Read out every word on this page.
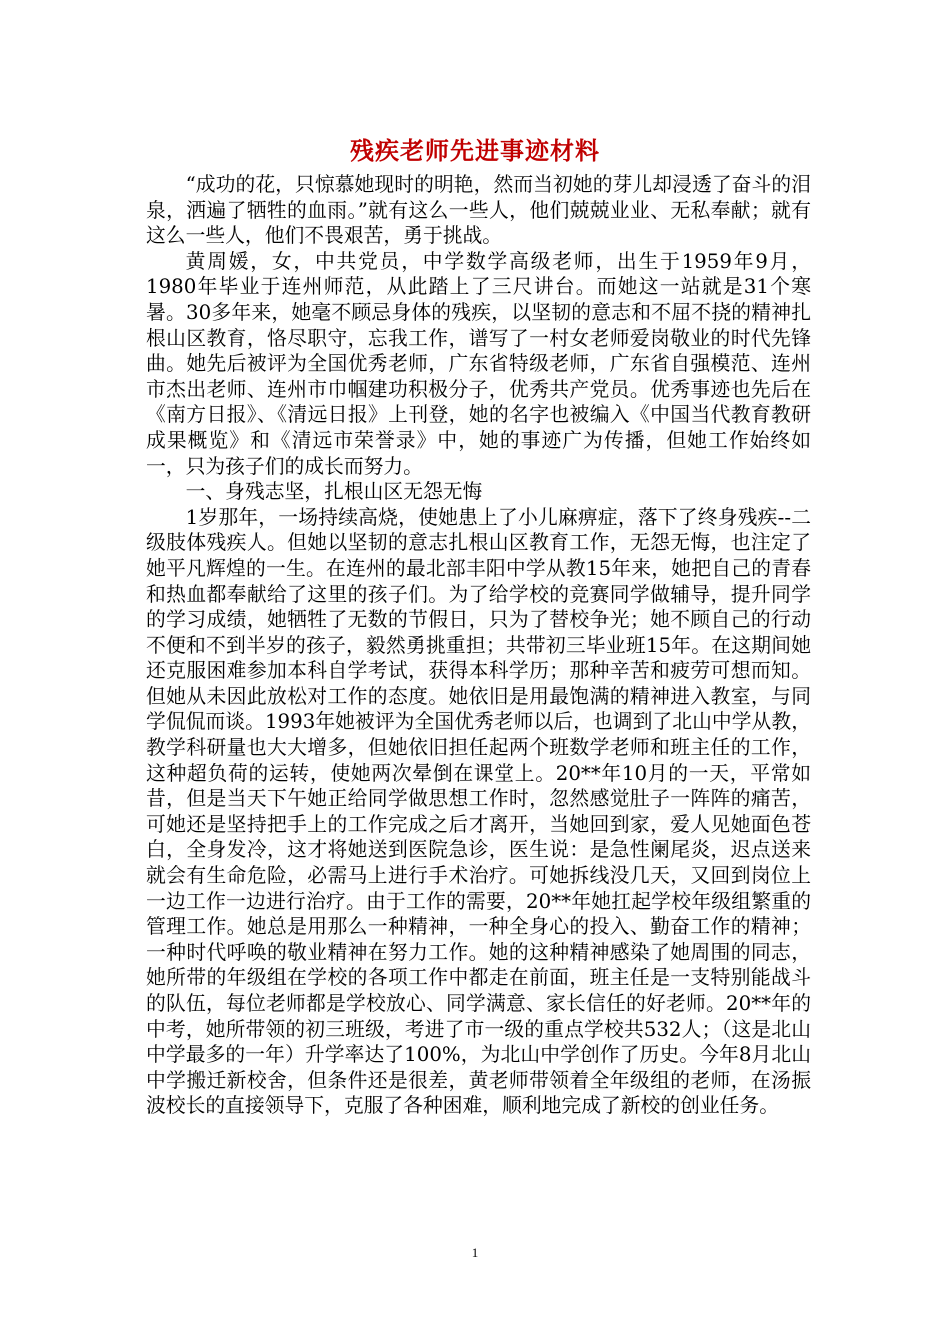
残疾老师先进事迹材料

“成功的花，只惊慕她现时的明艳，然而当初她的芽儿却浸透了奋斗的泪泉，洒遍了牺牲的血雨。”就有这么一些人，他们兢兢业业、无私奉献；就有这么一些人，他们不畏艰苦，勇于挑战。

黄周媛，女，中共党员，中学数学高级老师，出生于1959年9月，1980年毕业于连州师范，从此踏上了三尺讲台。而她这一站就是31个寒暑。30多年来，她毫不顾忌身体的残疾，以坚韧的意志和不屈不挠的精神扎根山区教育，恪尽职守，忘我工作，谱写了一村女老师爱岗敬业的时代先锋曲。她先后被评为全国优秀老师，广东省特级老师，广东省自强模范、连州市杰出老师、连州市巾帼建功积极分子，优秀共产党员。优秀事迹也先后在《南方日报》、《清远日报》上刊登，她的名字也被编入《中国当代教育教研成果概览》和《清远市荣誉录》中，她的事迹广为传播，但她工作始终如一，只为孩子们的成长而努力。

一、身残志坚，扎根山区无怨无悔

1岁那年，一场持续高烧，使她患上了小儿麻痹症，落下了终身残疾--二级肢体残疾人。但她以坚韧的意志扎根山区教育工作，无怨无悔，也注定了她平凡辉煌的一生。在连州的最北部丰阳中学从教15年来，她把自己的青春和热血都奉献给了这里的孩子们。为了给学校的竞赛同学做辅导，提升同学的学习成绩，她牺牲了无数的节假日，只为了替校争光；她不顾自己的行动不便和不到半岁的孩子，毅然勇挑重担；共带初三毕业班15年。在这期间她还克服困难参加本科自学考试，获得本科学历；那种辛苦和疲劳可想而知。但她从未因此放松对工作的态度。她依旧是用最饱满的精神进入教室，与同学侃侃而谈。1993年她被评为全国优秀老师以后，也调到了北山中学从教，教学科研量也大大增多，但她依旧担任起两个班数学老师和班主任的工作，这种超负荷的运转，使她两次晕倒在课堂上。20**年10月的一天，平常如昔，但是当天下午她正给同学做思想工作时，忽然感觉肚子一阵阵的痛苦，可她还是坚持把手上的工作完成之后才离开，当她回到家，爱人见她面色苍白，全身发冷，这才将她送到医院急诊，医生说：是急性阑尾炎，迟点送来就会有生命危险，必需马上进行手术治疗。可她拆线没几天，又回到岗位上一边工作一边进行治疗。由于工作的需要，20**年她扛起学校年级组繁重的管理工作。她总是用那么一种精神，一种全身心的投入、勤奋工作的精神；一种时代呼唤的敬业精神在努力工作。她的这种精神感染了她周围的同志，她所带的年级组在学校的各项工作中都走在前面，班主任是一支特别能战斗的队伍，每位老师都是学校放心、同学满意、家长信任的好老师。20**年的中考，她所带领的初三班级，考进了市一级的重点学校共532人；（这是北山中学最多的一年）升学率达了100%，为北山中学创作了历史。今年8月北山中学搬迁新校舍，但条件还是很差，黄老师带领着全年级组的老师，在汤振波校长的直接领导下，克服了各种困难，顺利地完成了新校的创业任务。

1
